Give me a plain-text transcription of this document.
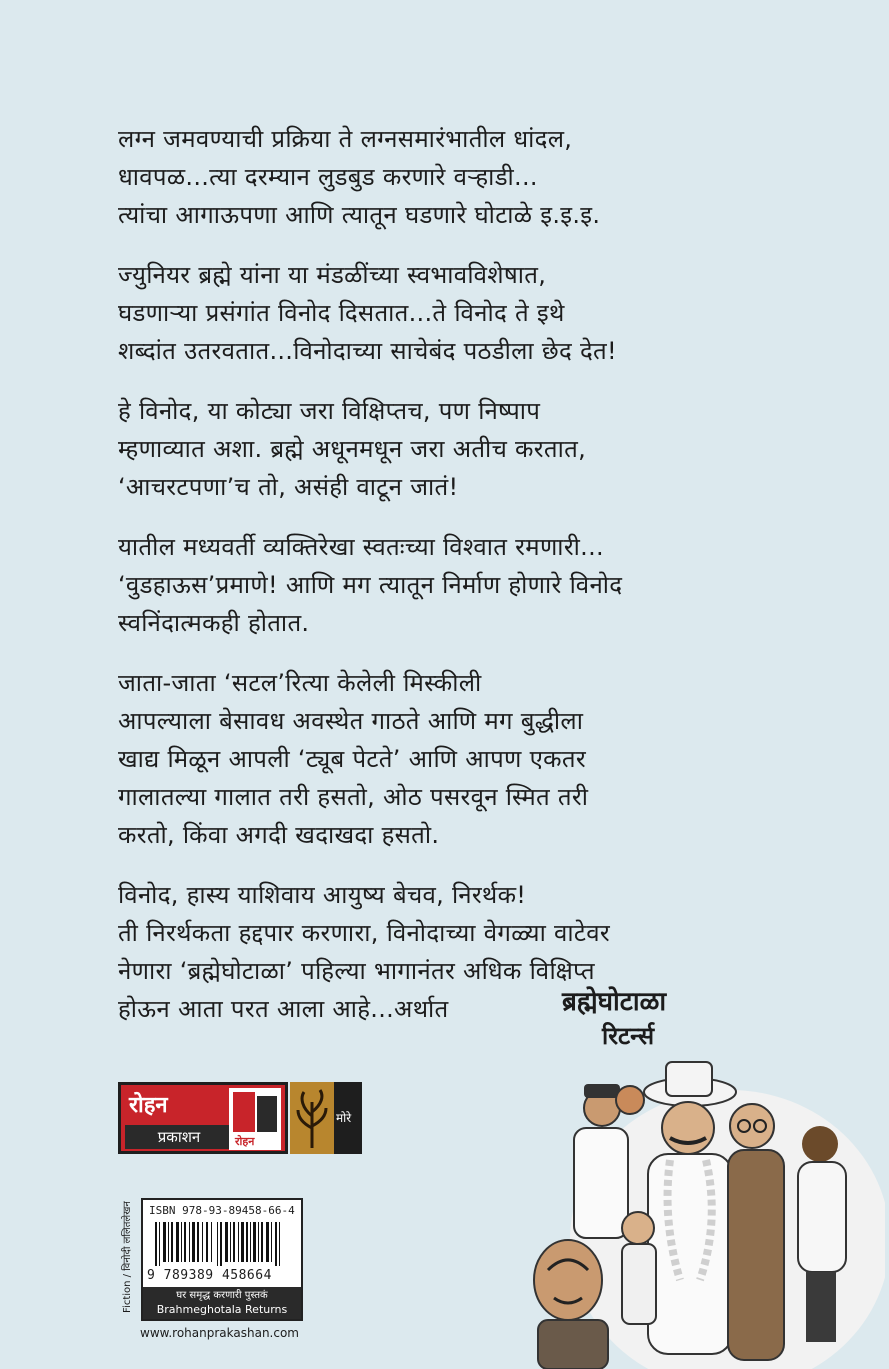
लग्न जमवण्याची प्रक्रिया ते लग्नसमारंभातील धांदल,
धावपळ...त्या दरम्यान लुडबुड करणारे वऱ्हाडी...
त्यांचा आगाऊपणा आणि त्यातून घडणारे घोटाळे इ.इ.इ.
ज्युनियर ब्रह्मे यांना या मंडळींच्या स्वभावविशेषात,
घडणाऱ्या प्रसंगांत विनोद दिसतात...ते विनोद ते इथे
शब्दांत उतरवतात...विनोदाच्या साचेबंद पठडीला छेद देत!
हे विनोद, या कोट्या जरा विक्षिप्तच, पण निष्पाप
म्हणाव्यात अशा. ब्रह्मे अधूनमधून जरा अतीच करतात,
‘आचरटपणा’च तो, असंही वाटून जातं!
यातील मध्यवर्ती व्यक्तिरेखा स्वतःच्या विश्वात रमणारी...
‘वुडहाऊस’प्रमाणे! आणि मग त्यातून निर्माण होणारे विनोद
स्वनिंदात्मकही होतात.
जाता-जाता ‘सटल’रित्या केलेली मिस्कीली
आपल्याला बेसावध अवस्थेत गाठते आणि मग बुद्धीला
खाद्य मिळून आपली ‘ट्यूब पेटते’ आणि आपण एकतर
गालातल्या गालात तरी हसतो, ओठ पसरवून स्मित तरी
करतो, किंवा अगदी खदाखदा हसतो.
विनोद, हास्य याशिवाय आयुष्य बेचव, निरर्थक!
ती निरर्थकता हद्दपार करणारा, विनोदाच्या वेगळ्या वाटेवर
नेणारा ‘ब्रह्मेघोटाळा’ पहिल्या भागानंतर अधिक विक्षिप्त
होऊन आता परत आला आहे...अर्थात	ब्रह्मेघोटाळा
रिटर्न्स
रोहन
प्रकाशन	रोहन
मोरे
Fiction / विनोदी ललितलेखन ISBN 978-93-89458-66-4
9 789389 458664
घर समृद्ध करणारी पुस्तकं
Brahmeghotala Returns
www.rohanprakashan.com
